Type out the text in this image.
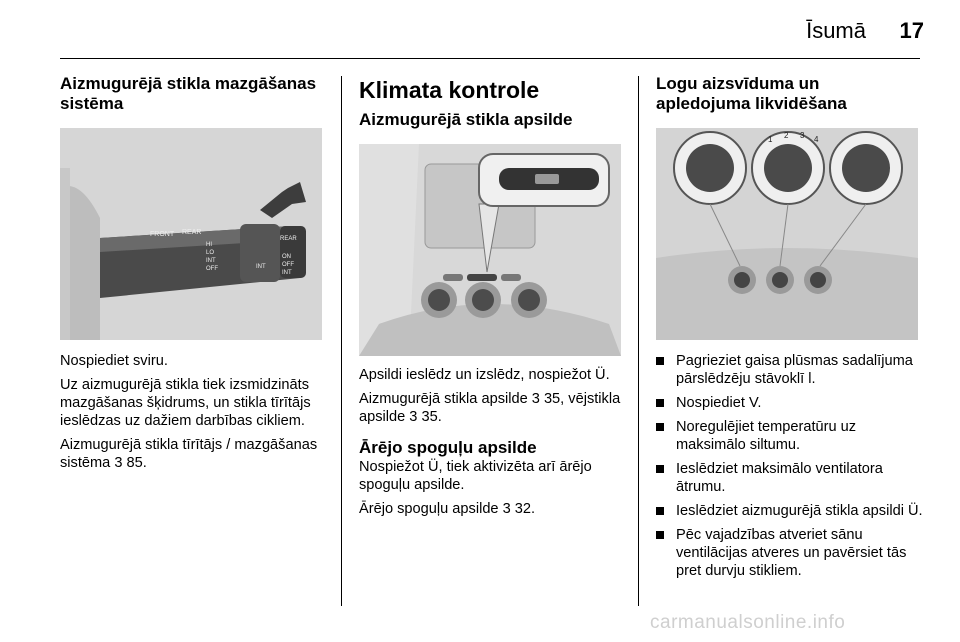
Īsumā	17
Aizmugurējā stikla mazgāšanas sistēma
FRONT REAR
HI
LO
INT
OFF	INT
REAR
ON
OFF
INT

Nospiediet sviru.

Uz aizmugurējā stikla tiek izsmidzināts mazgāšanas šķidrums, un stikla tīrītājs ieslēdzas uz dažiem darbības cikliem.

Aizmugurējā stikla tīrītājs / mazgāšanas sistēma 3 85.

Klimata kontrole
Aizmugurējā stikla apsilde

Apsildi ieslēdz un izslēdz, nospiežot Ü.

Aizmugurējā stikla apsilde 3 35, vējstikla apsilde 3 35.

Ārējo spoguļu apsilde

Nospiežot Ü, tiek aktivizēta arī ārējo spoguļu apsilde.

Ārējo spoguļu apsilde 3 32.

Logu aizsvīduma un apledojuma likvidēšana
1 2 3 4
Pagrieziet gaisa plūsmas sadalījuma pārslēdzēju stāvoklī l.
Nospiediet V.
Noregulējiet temperatūru uz maksimālo siltumu.
Ieslēdziet maksimālo ventilatora ātrumu.
Ieslēdziet aizmugurējā stikla apsildi Ü.
Pēc vajadzības atveriet sānu ventilācijas atveres un pavērsiet tās pret durvju stikliem.
carmanualsonline.info
